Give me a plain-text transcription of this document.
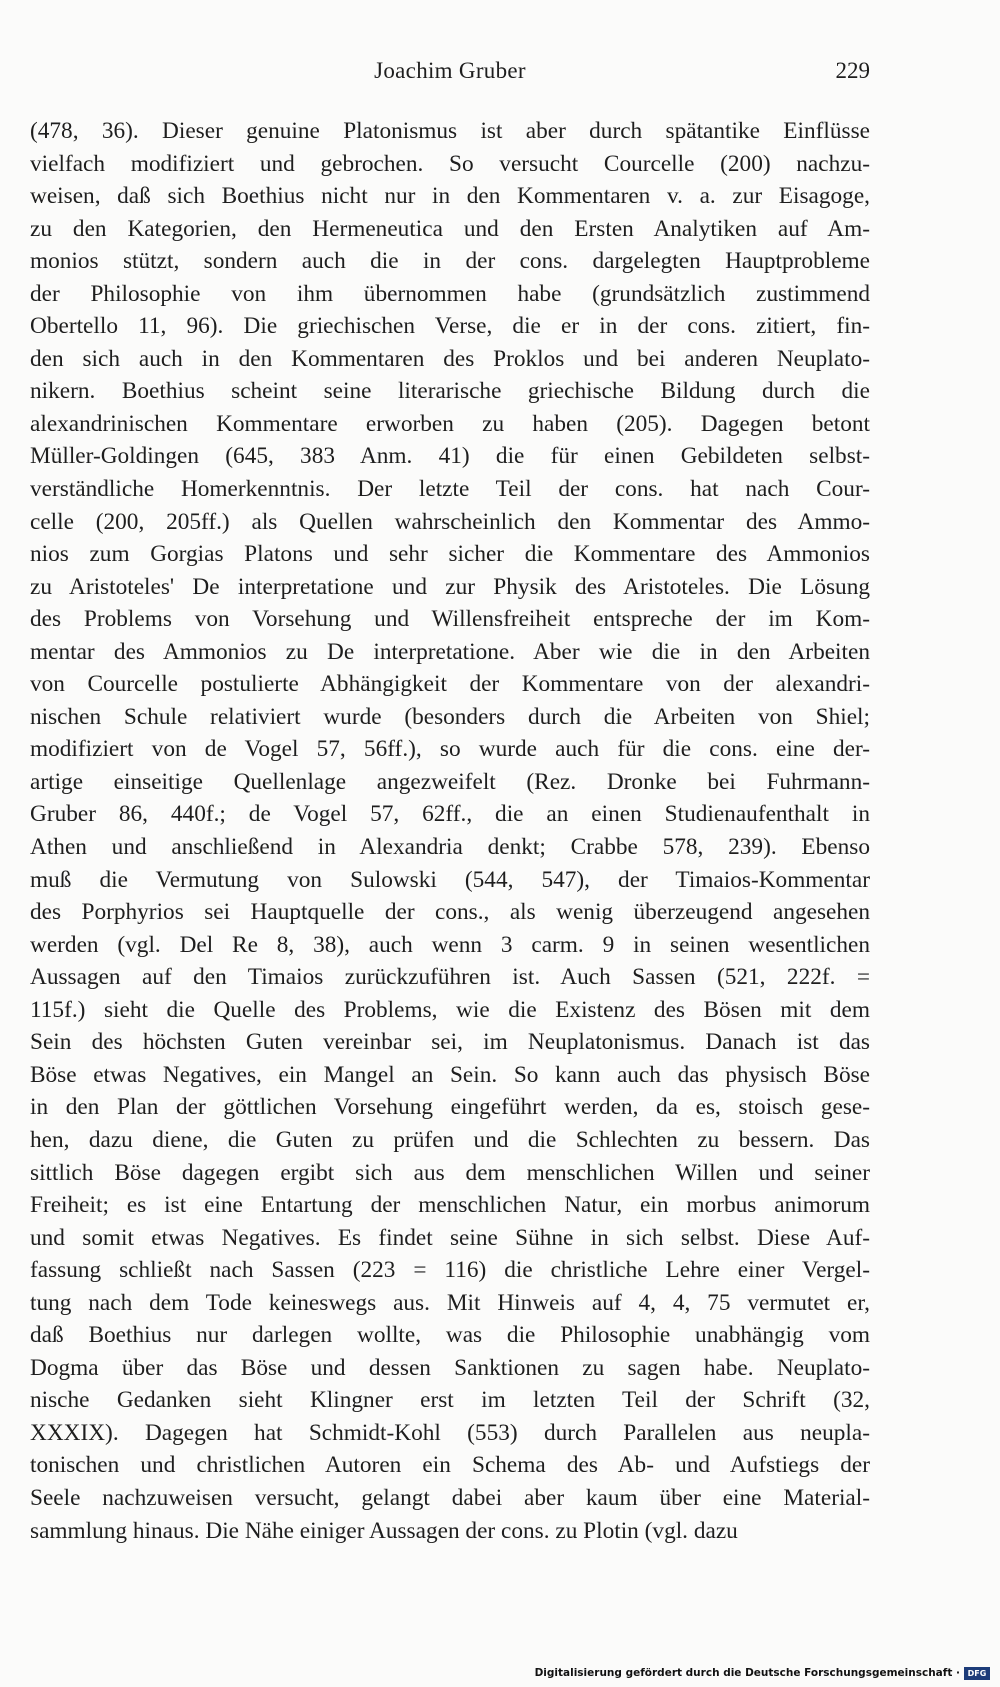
Joachim Gruber	229
(478, 36). Dieser genuine Platonismus ist aber durch spätantike Einflüsse
vielfach modifiziert und gebrochen. So versucht Courcelle (200) nachzu-
weisen, daß sich Boethius nicht nur in den Kommentaren v. a. zur Eisagoge,
zu den Kategorien, den Hermeneutica und den Ersten Analytiken auf Am-
monios stützt, sondern auch die in der cons. dargelegten Hauptprobleme
der Philosophie von ihm übernommen habe (grundsätzlich zustimmend
Obertello 11, 96). Die griechischen Verse, die er in der cons. zitiert, fin-
den sich auch in den Kommentaren des Proklos und bei anderen Neuplato-
nikern. Boethius scheint seine literarische griechische Bildung durch die
alexandrinischen Kommentare erworben zu haben (205). Dagegen betont
Müller-Goldingen (645, 383 Anm. 41) die für einen Gebildeten selbst-
verständliche Homerkenntnis. Der letzte Teil der cons. hat nach Cour-
celle (200, 205ff.) als Quellen wahrscheinlich den Kommentar des Ammo-
nios zum Gorgias Platons und sehr sicher die Kommentare des Ammonios
zu Aristoteles' De interpretatione und zur Physik des Aristoteles. Die Lösung
des Problems von Vorsehung und Willensfreiheit entspreche der im Kom-
mentar des Ammonios zu De interpretatione. Aber wie die in den Arbeiten
von Courcelle postulierte Abhängigkeit der Kommentare von der alexandri-
nischen Schule relativiert wurde (besonders durch die Arbeiten von Shiel;
modifiziert von de Vogel 57, 56ff.), so wurde auch für die cons. eine der-
artige einseitige Quellenlage angezweifelt (Rez. Dronke bei Fuhrmann-
Gruber 86, 440f.; de Vogel 57, 62ff., die an einen Studienaufenthalt in
Athen und anschließend in Alexandria denkt; Crabbe 578, 239). Ebenso
muß die Vermutung von Sulowski (544, 547), der Timaios-Kommentar
des Porphyrios sei Hauptquelle der cons., als wenig überzeugend angesehen
werden (vgl. Del Re 8, 38), auch wenn 3 carm. 9 in seinen wesentlichen
Aussagen auf den Timaios zurückzuführen ist. Auch Sassen (521, 222f. =
115f.) sieht die Quelle des Problems, wie die Existenz des Bösen mit dem
Sein des höchsten Guten vereinbar sei, im Neuplatonismus. Danach ist das
Böse etwas Negatives, ein Mangel an Sein. So kann auch das physisch Böse
in den Plan der göttlichen Vorsehung eingeführt werden, da es, stoisch gese-
hen, dazu diene, die Guten zu prüfen und die Schlechten zu bessern. Das
sittlich Böse dagegen ergibt sich aus dem menschlichen Willen und seiner
Freiheit; es ist eine Entartung der menschlichen Natur, ein morbus animorum
und somit etwas Negatives. Es findet seine Sühne in sich selbst. Diese Auf-
fassung schließt nach Sassen (223 = 116) die christliche Lehre einer Vergel-
tung nach dem Tode keineswegs aus. Mit Hinweis auf 4, 4, 75 vermutet er,
daß Boethius nur darlegen wollte, was die Philosophie unabhängig vom
Dogma über das Böse und dessen Sanktionen zu sagen habe. Neuplato-
nische Gedanken sieht Klingner erst im letzten Teil der Schrift (32,
XXXIX). Dagegen hat Schmidt-Kohl (553) durch Parallelen aus neupla-
tonischen und christlichen Autoren ein Schema des Ab- und Aufstiegs der
Seele nachzuweisen versucht, gelangt dabei aber kaum über eine Material-
sammlung hinaus. Die Nähe einiger Aussagen der cons. zu Plotin (vgl. dazu
Digitalisierung gefördert durch die Deutsche Forschungsgemeinschaft · DFG
